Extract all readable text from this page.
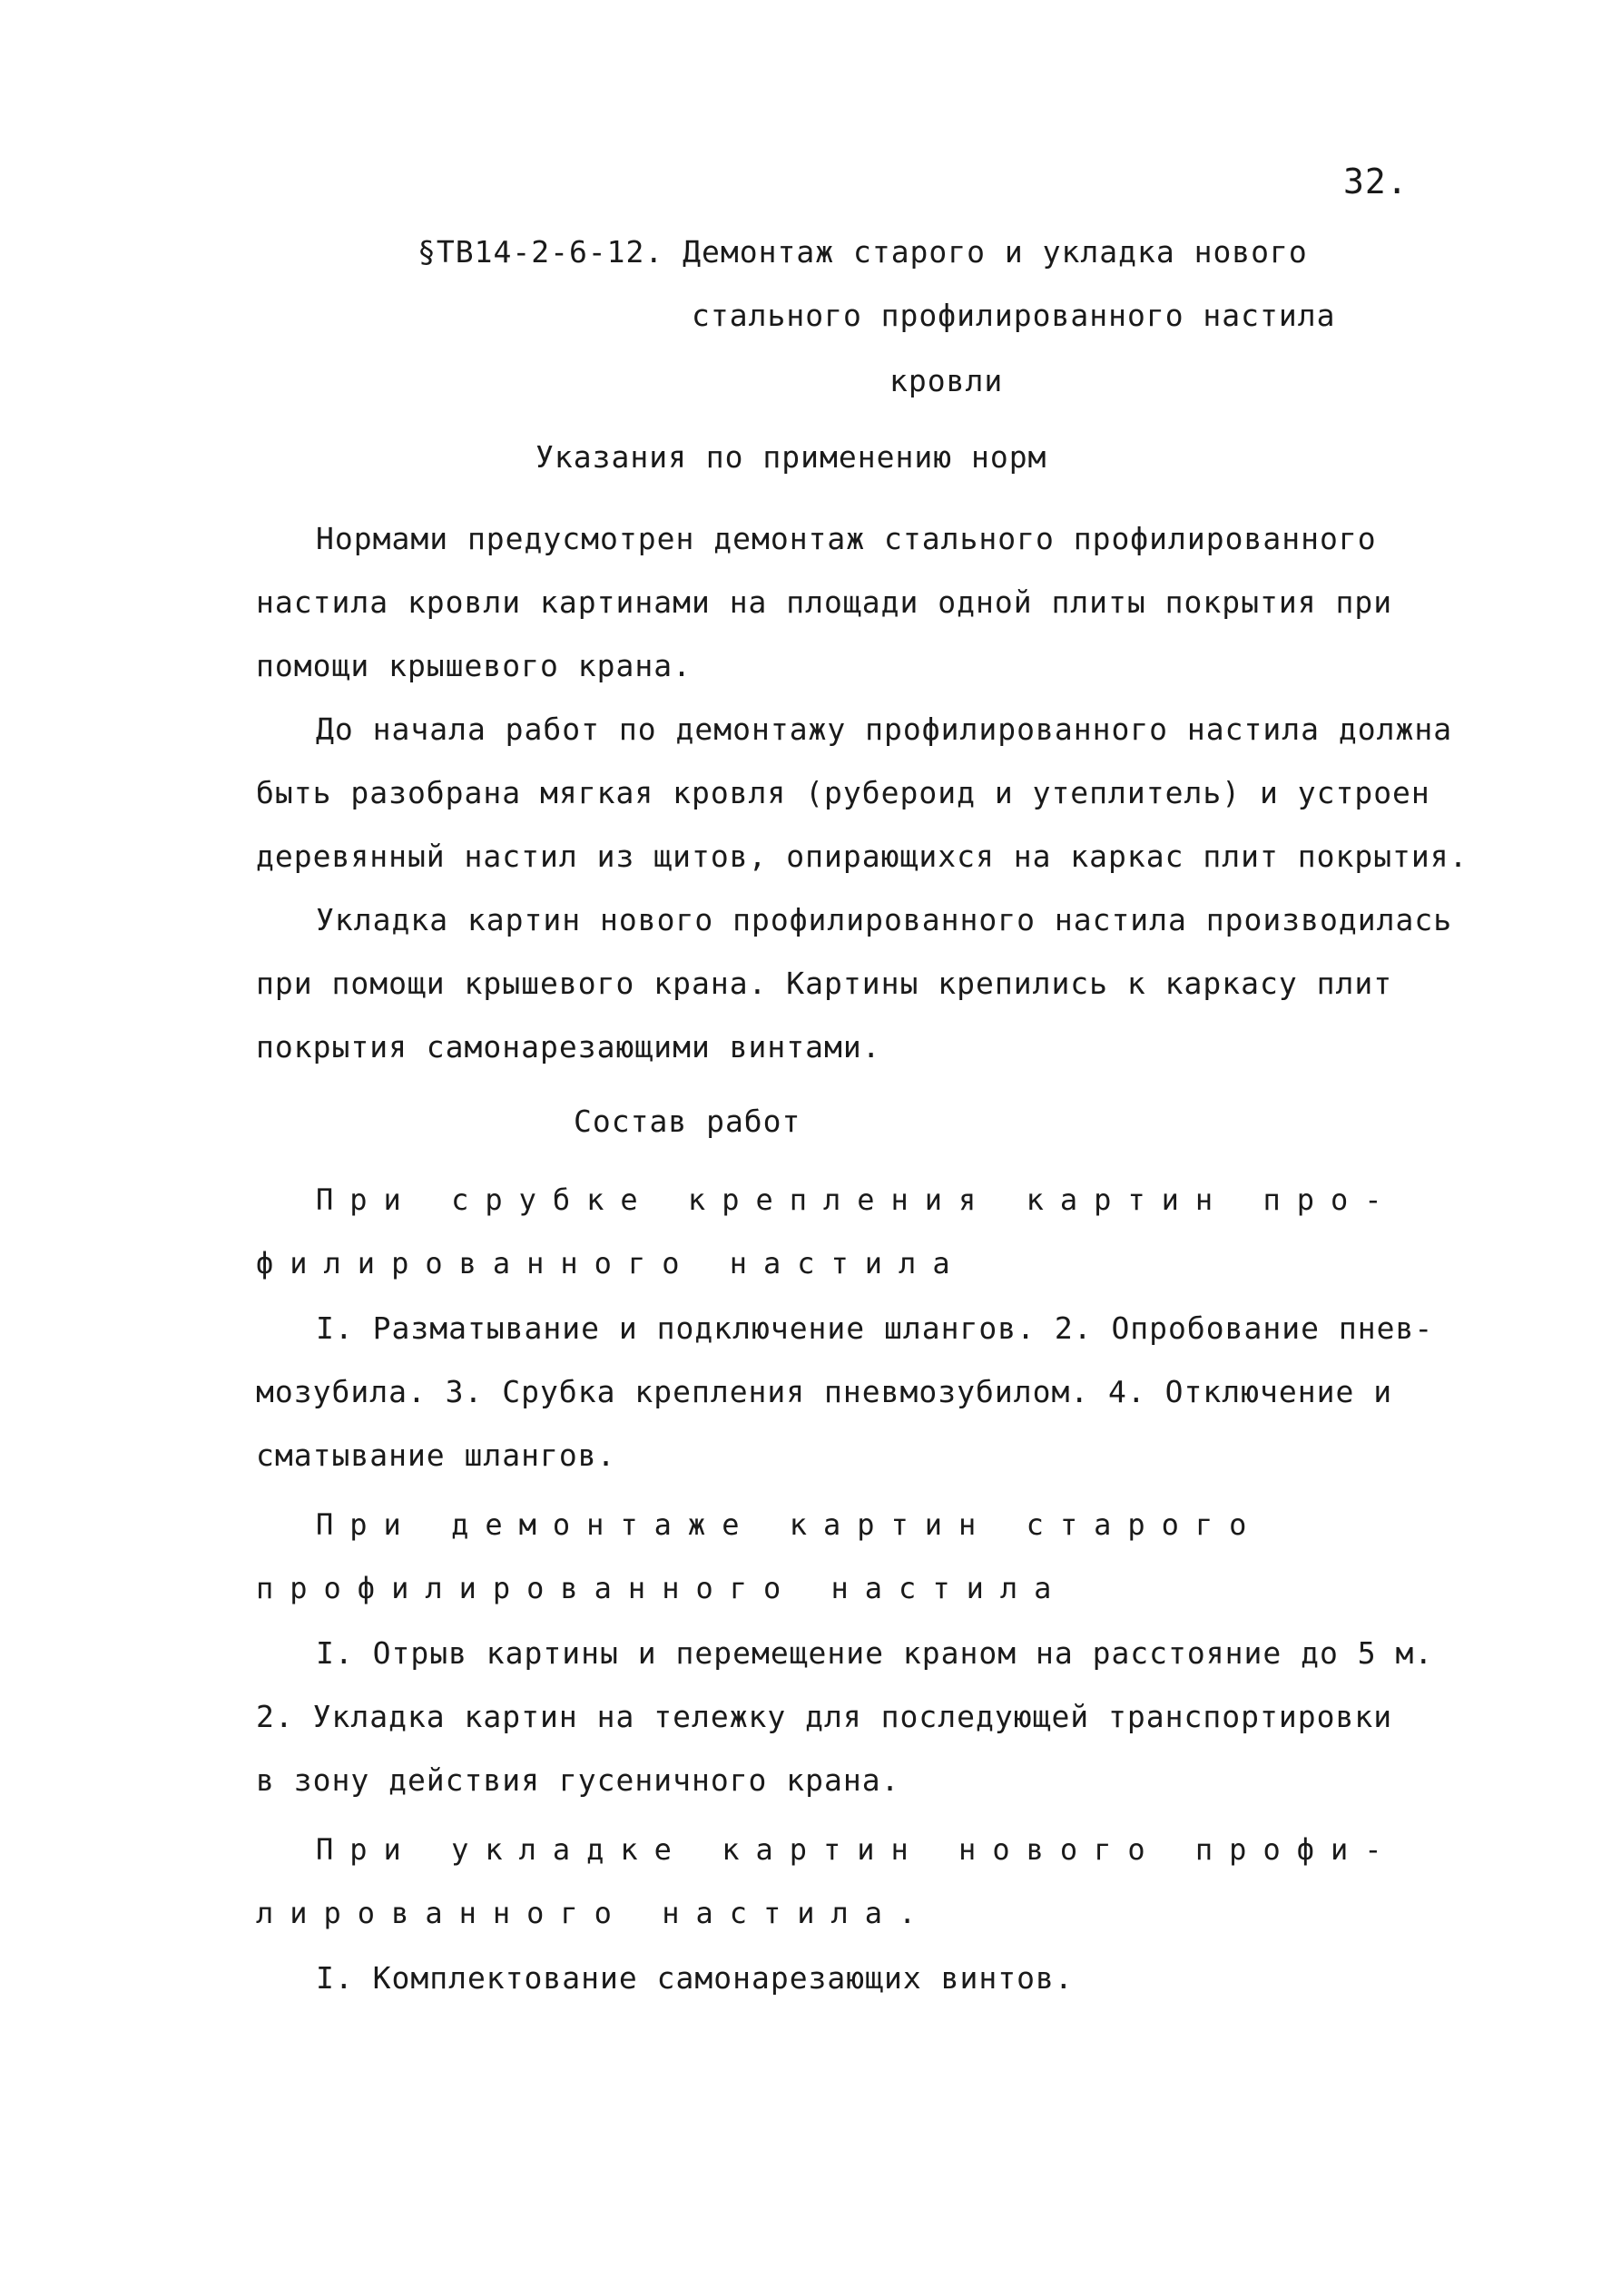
32.
§ТВ14-2-6-12. Демонтаж старого и укладка нового
стального профилированного настила
кровли
Указания по применению норм
Нормами предусмотрен демонтаж стального профилированного
настила кровли картинами на площади одной плиты покрытия при
помощи крышевого крана.
До начала работ по демонтажу профилированного настила должна
быть разобрана мягкая кровля (рубероид и утеплитель) и устроен
деревянный настил из щитов, опирающихся на каркас плит покрытия.
Укладка картин нового профилированного настила производилась
при помощи крышевого крана. Картины крепились к каркасу плит
покрытия самонарезающими винтами.
Состав работ
При срубке крепления картин про-
филированного настила
I. Разматывание и подключение шлангов. 2. Опробование пнев-
мозубила. 3. Срубка крепления пневмозубилом. 4. Отключение и
сматывание шлангов.
При демонтаже картин старого
профилированного настила
I. Отрыв картины и перемещение краном на расстояние до 5 м.
2. Укладка картин на тележку для последующей транспортировки
в зону действия гусеничного крана.
При укладке картин нового профи-
лированного настила.
I. Комплектование самонарезающих винтов.
